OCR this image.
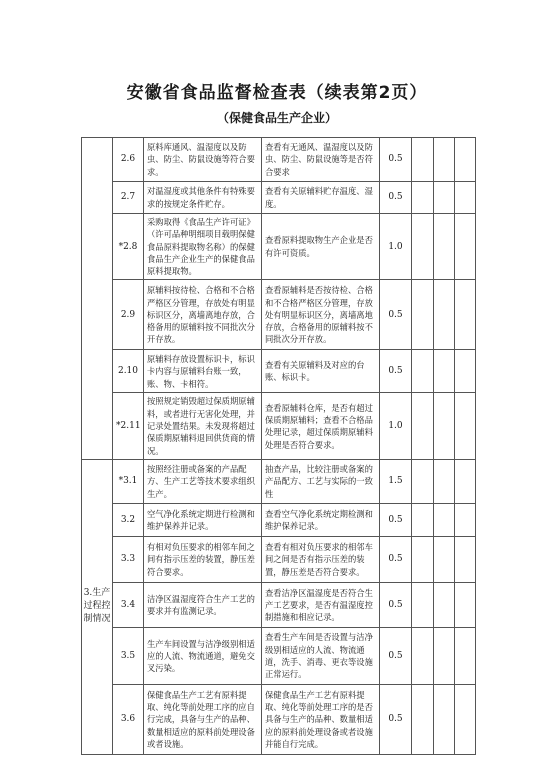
安徽省食品监督检查表（续表第2页）
（保健食品生产企业）
	2.6	原料库通风、温湿度以及防虫、防尘、防鼠设施等符合要求。	查看有无通风、温湿度以及防虫、防尘、防鼠设施等是否符合要求	0.5			
	2.7	对温湿度或其他条件有特殊要求的按规定条件贮存。	查看有关原辅料贮存温度、湿度。	0.5			
	*2.8	采购取得《食品生产许可证》（许可品种明细项目载明保健食品原料提取物名称）的保健食品生产企业生产的保健食品原料提取物。	查看原料提取物生产企业是否有许可资质。	1.0			
	2.9	原辅料按待检、合格和不合格严格区分管理，存放处有明显标识区分，离墙离地存放，合格备用的原辅料按不同批次分开存放。	查看原辅料是否按待检、合格和不合格严格区分管理，存放处有明显标识区分，离墙离地存放，合格备用的原辅料按不同批次分开存放。	0.5			
	2.10	原辅料存放设置标识卡，标识卡内容与原辅料台账一致，账、物、卡相符。	查看有关原辅料及对应的台账、标识卡。	0.5			
	*2.11	按照规定销毁超过保质期原辅料，或者进行无害化处理，并记录处置结果。未发现将超过保质期原辅料退回供货商的情况。	查看原辅料仓库，是否有超过保质期原辅料；查看不合格品处理记录，超过保质期原辅料处理是否符合要求。	1.0			
3.生产过程控制情况	*3.1	按照经注册或备案的产品配方、生产工艺等技术要求组织生产。	抽查产品，比较注册或备案的产品配方、工艺与实际的一致性	1.5			
	3.2	空气净化系统定期进行检测和维护保养并记录。	查看空气净化系统定期检测和维护保养记录。	0.5			
	3.3	有相对负压要求的相邻车间之间有指示压差的装置，静压差符合要求。	查看有相对负压要求的相邻车间之间是否有指示压差的装置，静压差是否符合要求。	0.5			
	3.4	洁净区温湿度符合生产工艺的要求并有监测记录。	查看洁净区温湿度是否符合生产工艺要求，是否有温湿度控制措施和相应记录。	0.5			
	3.5	生产车间设置与洁净级别相适应的人流、物流通道，避免交叉污染。	查看生产车间是否设置与洁净级别相适应的人流、物流通道，洗手、消毒、更衣等设施正常运行。	0.5			
	3.6	保健食品生产工艺有原料提取、纯化等前处理工序的应自行完成，具备与生产的品种、数量相适应的原料前处理设备或者设施。	保健食品生产工艺有原料提取、纯化等前处理工序的是否具备与生产的品种、数量相适应的原料前处理设备或者设施并能自行完成。	0.5			
